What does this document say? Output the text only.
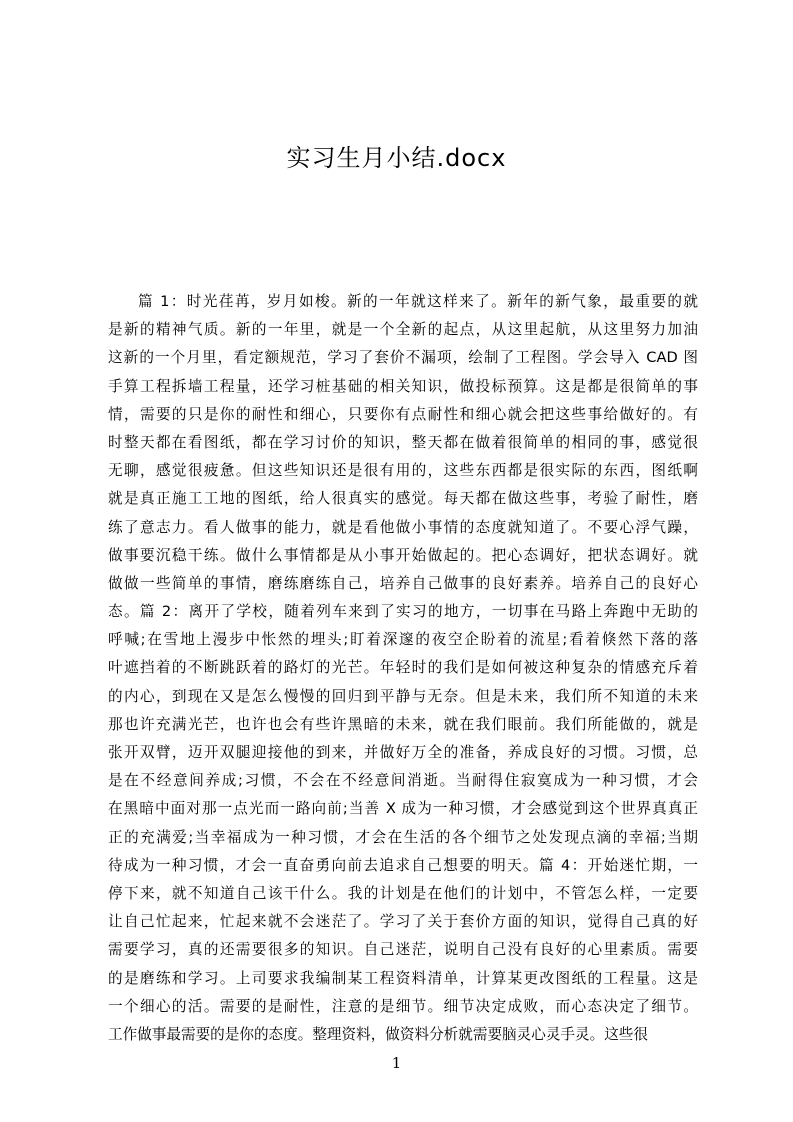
实习生月小结.docx
篇 1：时光荏苒，岁月如梭。新的一年就这样来了。新年的新气象，最重要的就
是新的精神气质。新的一年里，就是一个全新的起点，从这里起航，从这里努力加油
这新的一个月里，看定额规范，学习了套价不漏项，绘制了工程图。学会导入 CAD 图
手算工程拆墙工程量，还学习桩基础的相关知识，做投标预算。这是都是很简单的事
情，需要的只是你的耐性和细心，只要你有点耐性和细心就会把这些事给做好的。有
时整天都在看图纸，都在学习讨价的知识，整天都在做着很简单的相同的事，感觉很
无聊，感觉很疲惫。但这些知识还是很有用的，这些东西都是很实际的东西，图纸啊
就是真正施工工地的图纸，给人很真实的感觉。每天都在做这些事，考验了耐性，磨
练了意志力。看人做事的能力，就是看他做小事情的态度就知道了。不要心浮气躁，
做事要沉稳干练。做什么事情都是从小事开始做起的。把心态调好，把状态调好。就
做做一些简单的事情，磨练磨练自己，培养自己做事的良好素养。培养自己的良好心
态。篇 2：离开了学校，随着列车来到了实习的地方，一切事在马路上奔跑中无助的
呼喊;在雪地上漫步中怅然的埋头;盯着深邃的夜空企盼着的流星;看着倏然下落的落
叶遮挡着的不断跳跃着的路灯的光芒。年轻时的我们是如何被这种复杂的情感充斥着
的内心，到现在又是怎么慢慢的回归到平静与无奈。但是未来，我们所不知道的未来
那也许充满光芒，也许也会有些许黑暗的未来，就在我们眼前。我们所能做的，就是
张开双臂，迈开双腿迎接他的到来，并做好万全的准备，养成良好的习惯。习惯，总
是在不经意间养成;习惯，不会在不经意间消逝。当耐得住寂寞成为一种习惯，才会
在黑暗中面对那一点光而一路向前;当善 X 成为一种习惯，才会感觉到这个世界真真正
正的充满爱;当幸福成为一种习惯，才会在生活的各个细节之处发现点滴的幸福;当期
待成为一种习惯，才会一直奋勇向前去追求自己想要的明天。篇 4：开始迷忙期，一
停下来，就不知道自己该干什么。我的计划是在他们的计划中，不管怎么样，一定要
让自己忙起来，忙起来就不会迷茫了。学习了关于套价方面的知识，觉得自己真的好
需要学习，真的还需要很多的知识。自己迷茫，说明自己没有良好的心里素质。需要
的是磨练和学习。上司要求我编制某工程资料清单，计算某更改图纸的工程量。这是
一个细心的活。需要的是耐性，注意的是细节。细节决定成败，而心态决定了细节。
工作做事最需要的是你的态度。整理资料，做资料分析就需要脑灵心灵手灵。这些很
1
